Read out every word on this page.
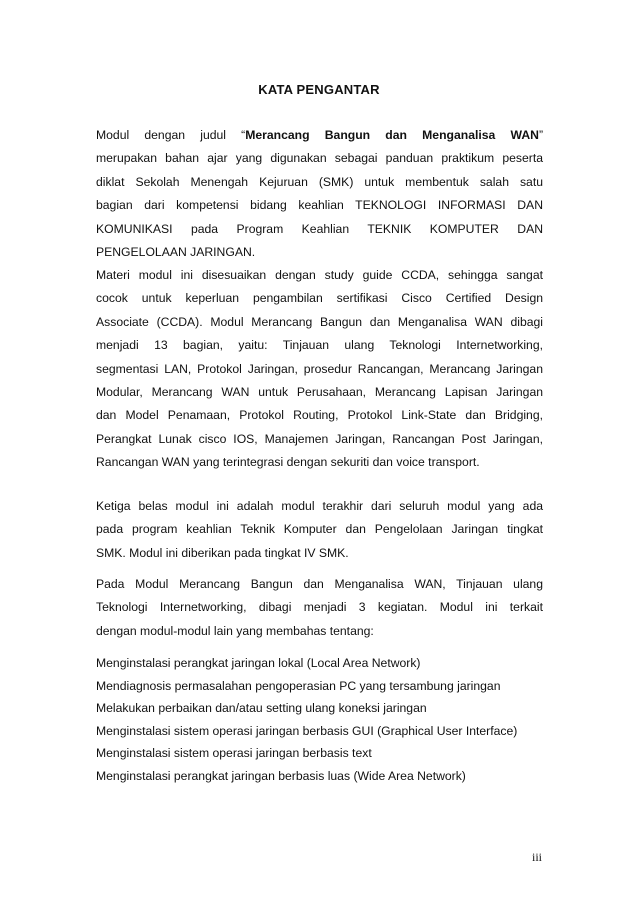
KATA PENGANTAR
Modul dengan judul “Merancang Bangun dan Menganalisa WAN”
merupakan bahan ajar yang digunakan sebagai panduan praktikum peserta
diklat Sekolah Menengah Kejuruan (SMK) untuk membentuk salah satu
bagian dari kompetensi bidang keahlian TEKNOLOGI INFORMASI DAN
KOMUNIKASI pada Program Keahlian TEKNIK KOMPUTER DAN
PENGELOLAAN JARINGAN.
Materi modul ini disesuaikan dengan study guide CCDA, sehingga sangat
cocok untuk keperluan pengambilan sertifikasi Cisco Certified Design
Associate (CCDA). Modul Merancang Bangun dan Menganalisa WAN dibagi
menjadi 13 bagian, yaitu: Tinjauan ulang Teknologi Internetworking,
segmentasi LAN, Protokol Jaringan, prosedur Rancangan, Merancang Jaringan
Modular, Merancang WAN untuk Perusahaan, Merancang Lapisan Jaringan
dan Model Penamaan, Protokol Routing, Protokol Link-State dan Bridging,
Perangkat Lunak cisco IOS, Manajemen Jaringan, Rancangan Post Jaringan,
Rancangan WAN yang terintegrasi dengan sekuriti dan voice transport.
Ketiga belas modul ini adalah modul terakhir dari seluruh modul yang ada
pada program keahlian Teknik Komputer dan Pengelolaan Jaringan tingkat
SMK. Modul ini diberikan pada tingkat IV SMK.
Pada Modul Merancang Bangun dan Menganalisa WAN, Tinjauan ulang
Teknologi Internetworking, dibagi menjadi 3 kegiatan. Modul ini terkait
dengan modul-modul lain yang membahas tentang:
Menginstalasi perangkat jaringan lokal (Local Area Network)
Mendiagnosis permasalahan pengoperasian PC yang tersambung jaringan
Melakukan perbaikan dan/atau setting ulang koneksi jaringan
Menginstalasi sistem operasi jaringan berbasis GUI (Graphical User Interface)
Menginstalasi sistem operasi jaringan berbasis text
Menginstalasi perangkat jaringan berbasis luas (Wide Area Network)
iii
